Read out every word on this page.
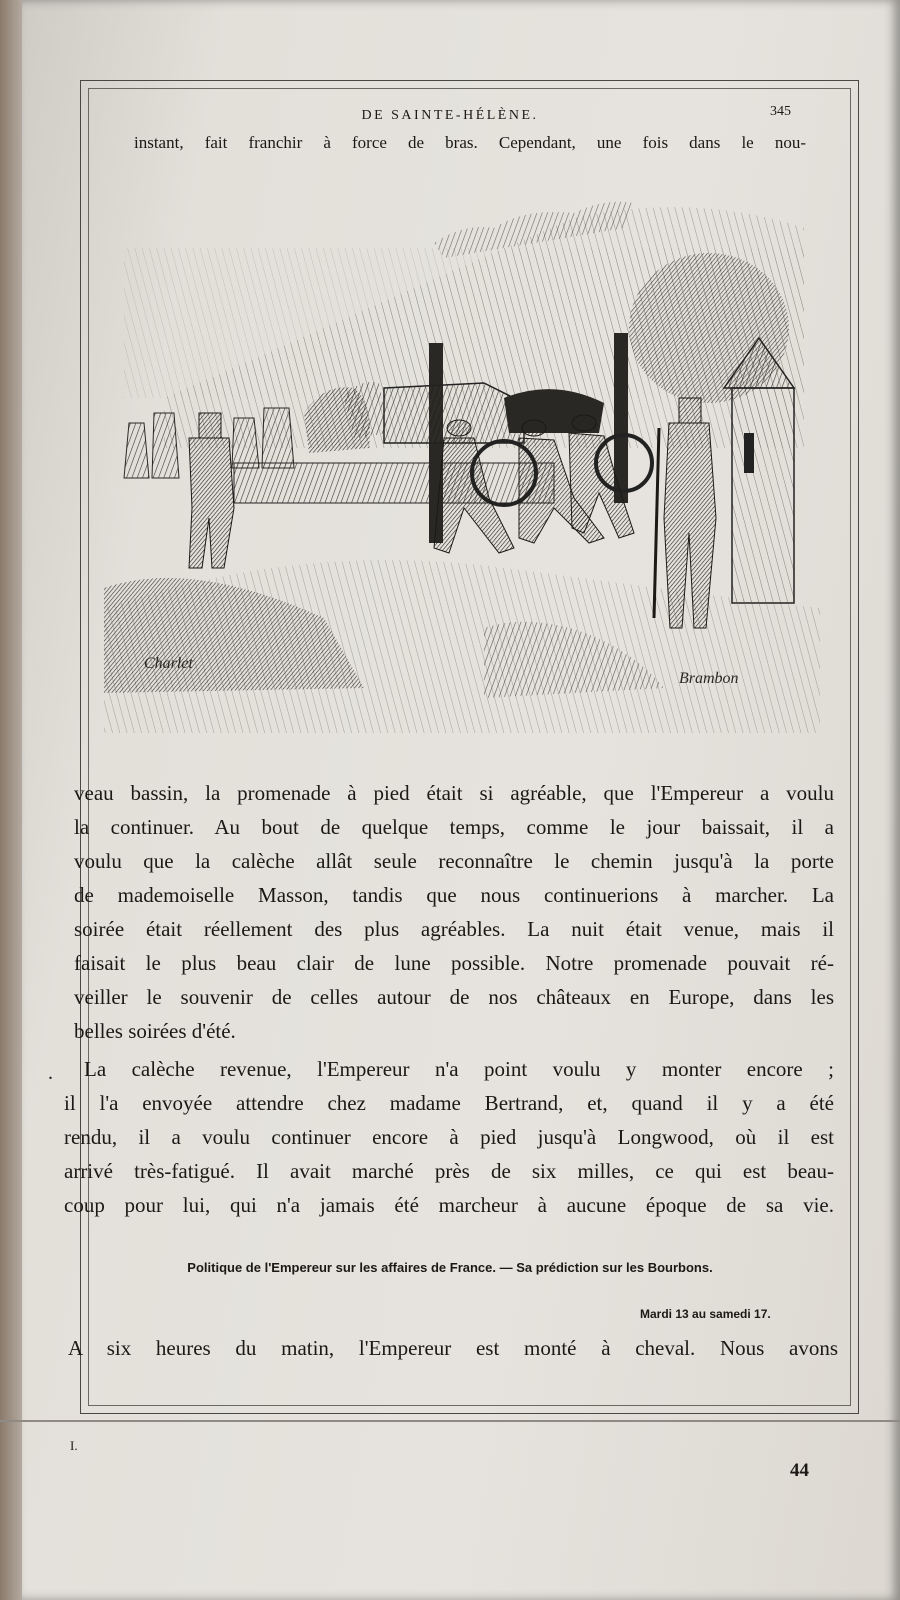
DE SAINTE-HÉLÈNE.	345
instant, fait franchir à force de bras. Cependant, une fois dans le nou-
Charlet
Brambon
veau bassin, la promenade à pied était si agréable, que l'Empereur a voulu
la continuer. Au bout de quelque temps, comme le jour baissait, il a
voulu que la calèche allât seule reconnaître le chemin jusqu'à la porte
de mademoiselle Masson, tandis que nous continuerions à marcher. La
soirée était réellement des plus agréables. La nuit était venue, mais il
faisait le plus beau clair de lune possible. Notre promenade pouvait ré-
veiller le souvenir de celles autour de nos châteaux en Europe, dans les
belles soirées d'été.
. La calèche revenue, l'Empereur n'a point voulu y monter encore ;
il l'a envoyée attendre chez madame Bertrand, et, quand il y a été
rendu, il a voulu continuer encore à pied jusqu'à Longwood, où il est
arrivé très-fatigué. Il avait marché près de six milles, ce qui est beau-
coup pour lui, qui n'a jamais été marcheur à aucune époque de sa vie.
Politique de l'Empereur sur les affaires de France. — Sa prédiction sur les Bourbons.
Mardi 13 au samedi 17.
A six heures du matin, l'Empereur est monté à cheval. Nous avons
I.
44
